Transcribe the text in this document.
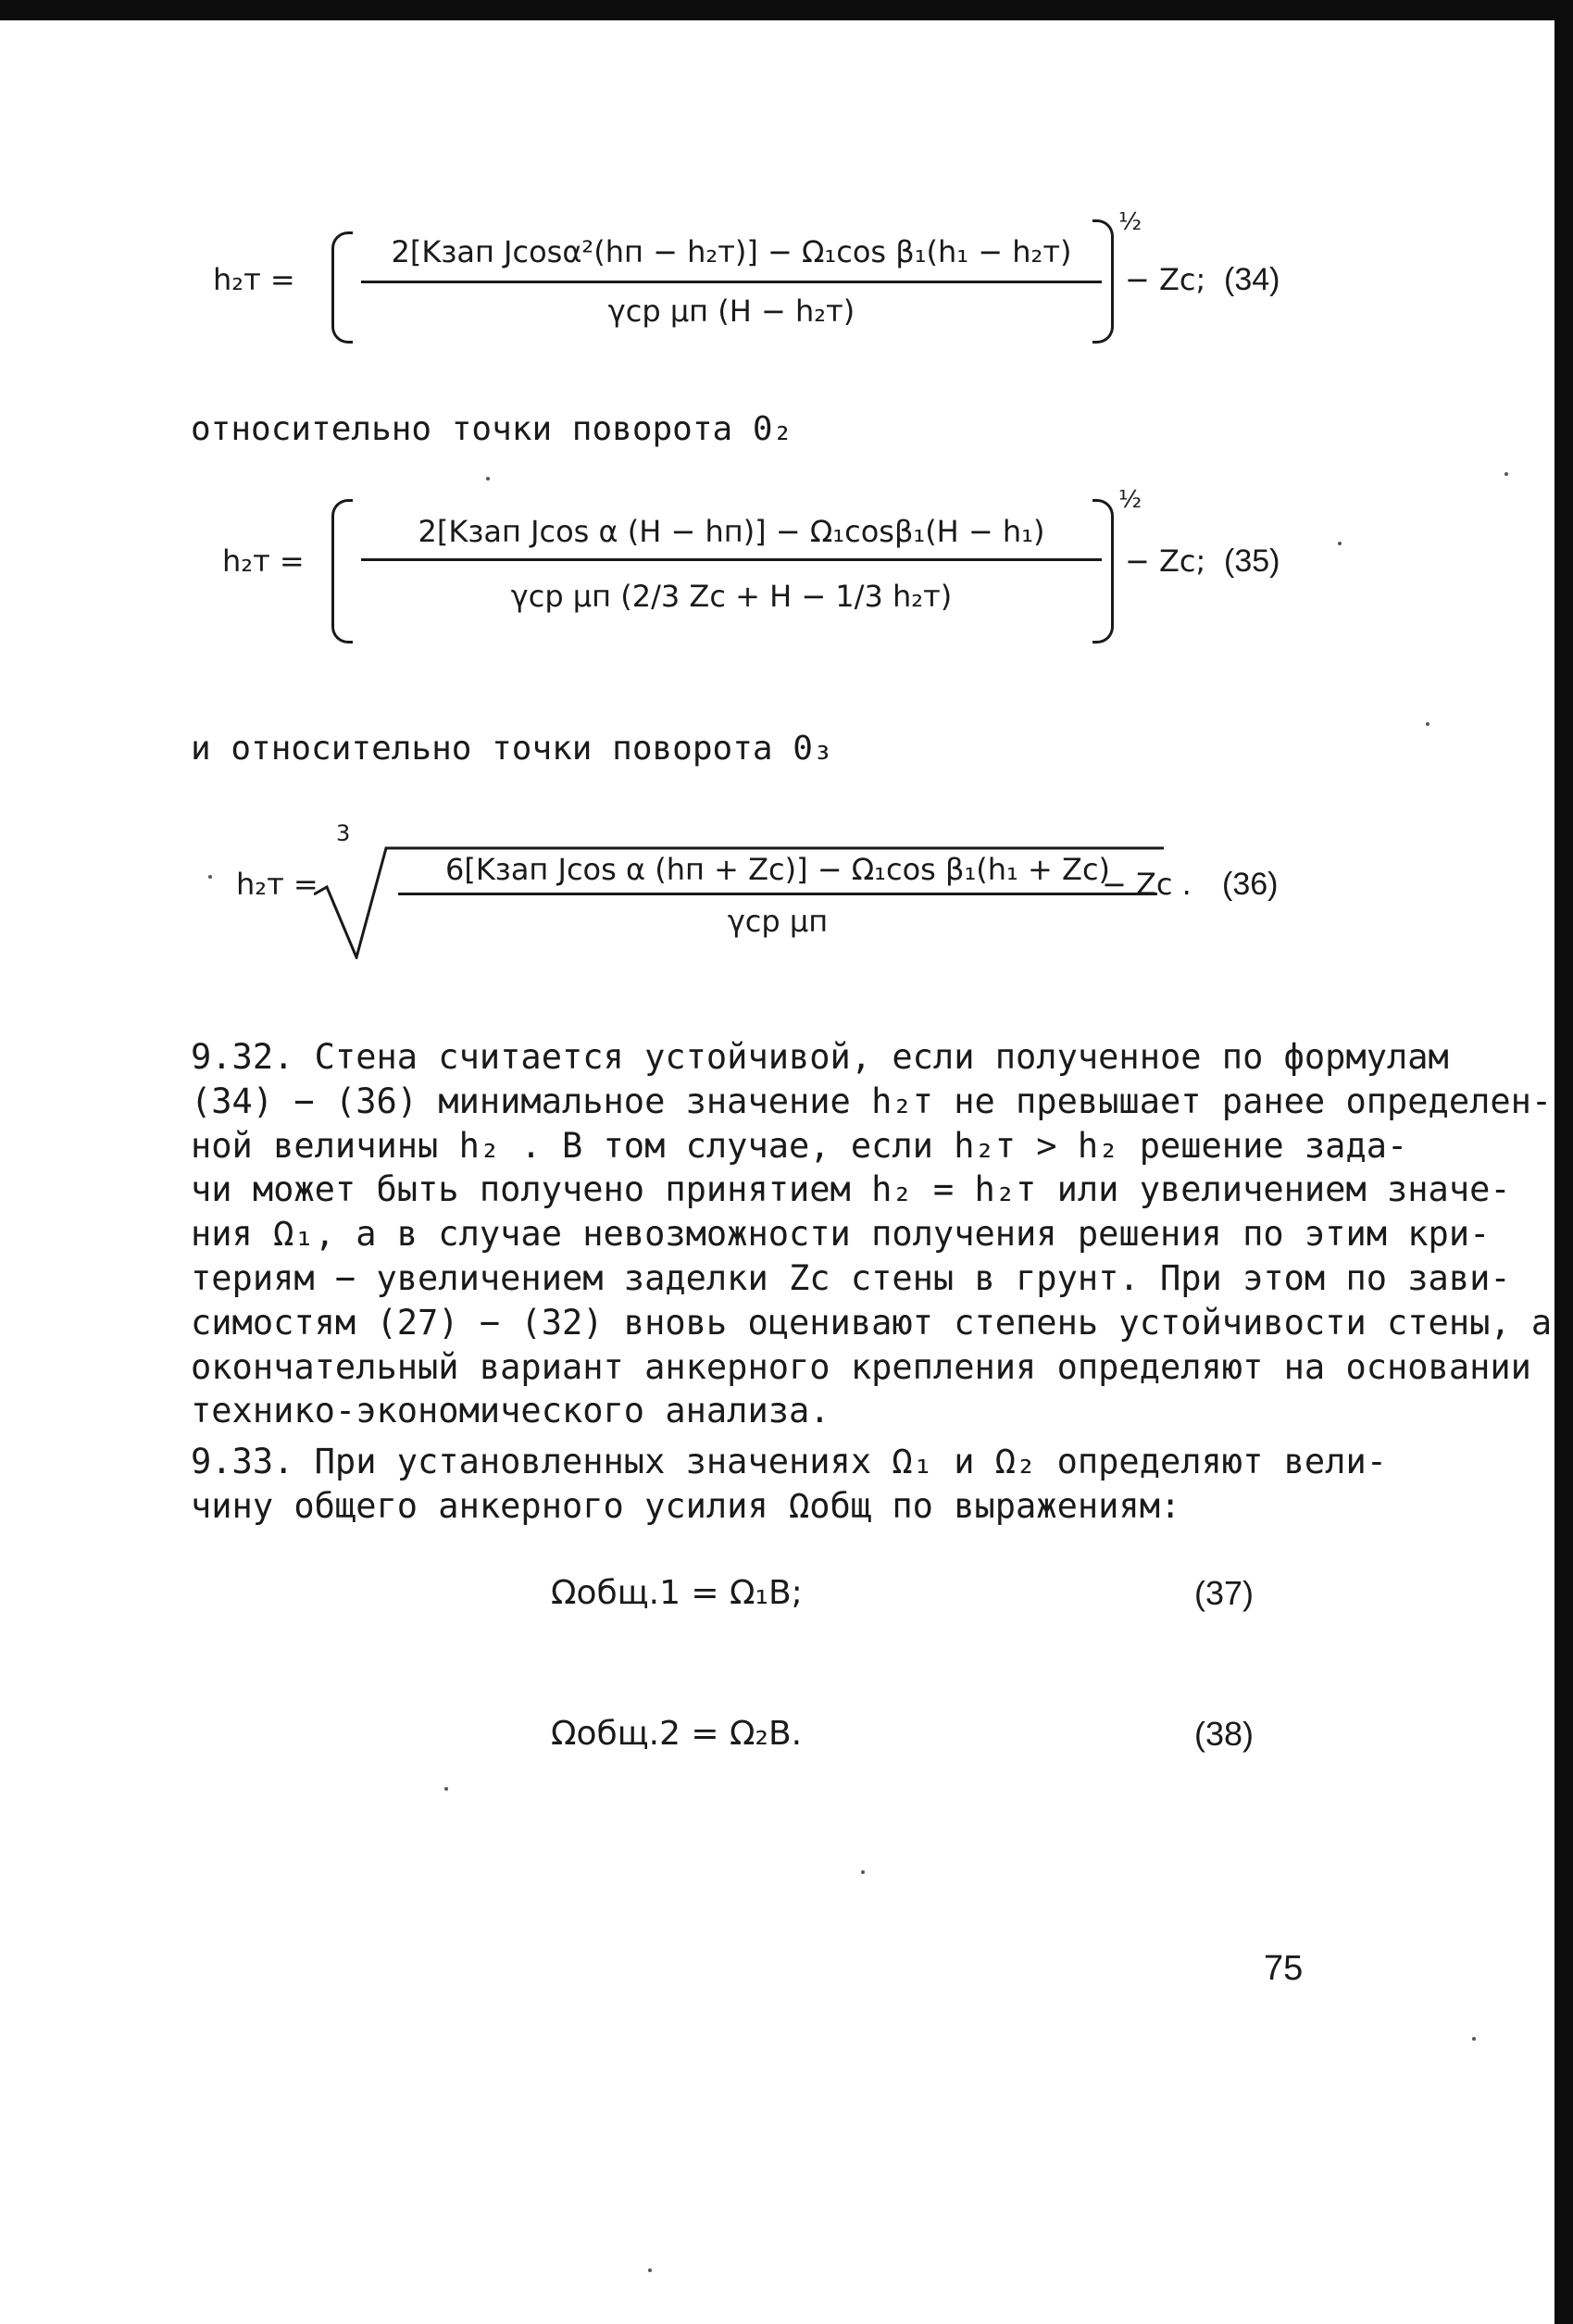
h₂т =
2[Kзап Jcosα²(hп − h₂т)] − Ω₁cos β₁(h₁ − h₂т)
γср μп (H − h₂т)
½
− Zc; (34)
относительно точки поворота 0₂
h₂т =
2[Kзап Jcos α (H − hп)] − Ω₁cosβ₁(H − h₁)
γср μп (2/3 Zc + H − 1/3 h₂т)
½
− Zc; (35)
и относительно точки поворота 0₃
h₂т =
3
6[Kзап Jcos α (hп + Zc)] − Ω₁cos β₁(h₁ + Zc)
γср μп
− Zc . (36)
9.32. Стена считается устойчивой, если полученное по формулам
(34) − (36) минимальное значение h₂т не превышает ранее определен-
ной величины h₂ . В том случае, если h₂т > h₂ решение зада-
чи может быть получено принятием h₂ = h₂т или увеличением значе-
ния Ω₁, а в случае невозможности получения решения по этим кри-
териям − увеличением заделки Zc стены в грунт. При этом по зави-
симостям (27) − (32) вновь оценивают степень устойчивости стены, а
окончательный вариант анкерного крепления определяют на основании
технико-экономического анализа.
9.33. При установленных значениях Ω₁ и Ω₂ определяют вели-
чину общего анкерного усилия Ωобщ по выражениям:
Ωобщ.1 = Ω₁B;	(37)
Ωобщ.2 = Ω₂B.	(38)
75
